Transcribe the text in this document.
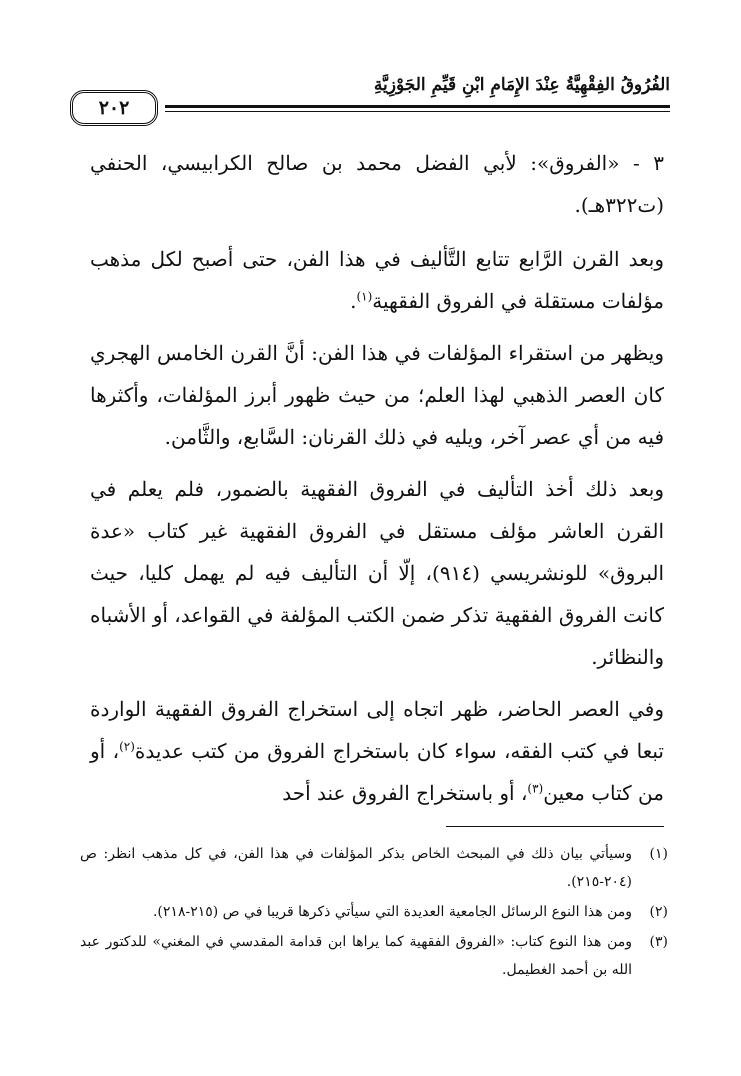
الفُرُوقُ الفِقْهِيَّةُ عِنْدَ الإِمَامِ ابْنِ قَيِّمِ الجَوْزِيَّةِ
٢٠٢

٣ - «الفروق»: لأبي الفضل محمد بن صالح الكرابيسي، الحنفي (ت٣٢٢هـ).

وبعد القرن الرَّابع تتابع التَّأليف في هذا الفن، حتى أصبح لكل مذهب مؤلفات مستقلة في الفروق الفقهية$^{(١)}$.

ويظهر من استقراء المؤلفات في هذا الفن: أنَّ القرن الخامس الهجري كان العصر الذهبي لهذا العلم؛ من حيث ظهور أبرز المؤلفات، وأكثرها فيه من أي عصر آخر، ويليه في ذلك القرنان: السَّابع، والثَّامن.

وبعد ذلك أخذ التأليف في الفروق الفقهية بالضمور، فلم يعلم في القرن العاشر مؤلف مستقل في الفروق الفقهية غير كتاب «عدة البروق» للونشريسي (٩١٤)، إلّا أن التأليف فيه لم يهمل كليا، حيث كانت الفروق الفقهية تذكر ضمن الكتب المؤلفة في القواعد، أو الأشباه والنظائر.

وفي العصر الحاضر، ظهر اتجاه إلى استخراج الفروق الفقهية الواردة تبعا في كتب الفقه، سواء كان باستخراج الفروق من كتب عديدة$^{(٢)}$، أو من كتاب معين$^{(٣)}$، أو باستخراج الفروق عند أحد

(١)
وسيأتي بيان ذلك في المبحث الخاص بذكر المؤلفات في هذا الفن، في كل مذهب انظر: ص (٢٠٤-٢١٥).
(٢)
ومن هذا النوع الرسائل الجامعية العديدة التي سيأتي ذكرها قريبا في ص (٢١٥-٢١٨).
(٣)
ومن هذا النوع كتاب: «الفروق الفقهية كما يراها ابن قدامة المقدسي في المغني» للدكتور عبد الله بن أحمد الغطيمل.
